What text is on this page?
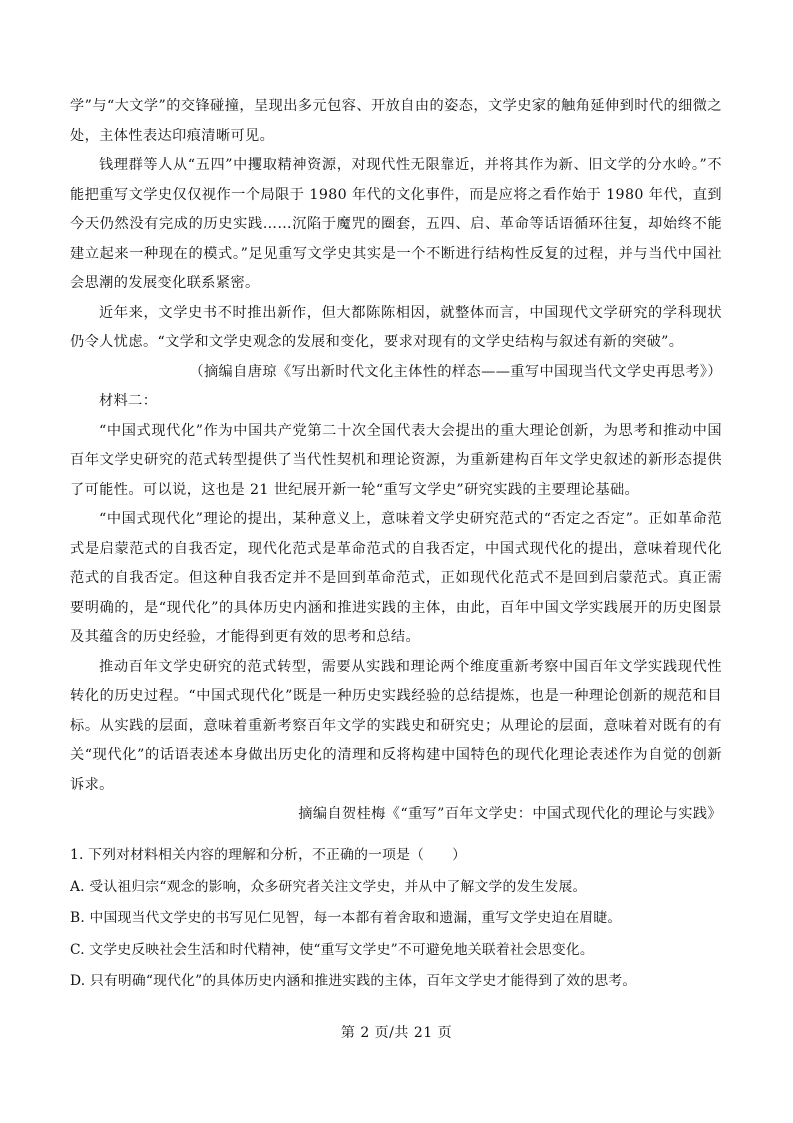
学”与“大文学”的交锋碰撞，呈现出多元包容、开放自由的姿态，文学史家的触角延伸到时代的细微之处，主体性表达印痕清晰可见。

钱理群等人从“五四”中攫取精神资源，对现代性无限靠近，并将其作为新、旧文学的分水岭。”不能把重写文学史仅仅视作一个局限于 1980 年代的文化事件，而是应将之看作始于 1980 年代，直到今天仍然没有完成的历史实践……沉陷于魔咒的圈套，五四、启、革命等话语循环往复，却始终不能建立起来一种现在的模式。”足见重写文学史其实是一个不断进行结构性反复的过程，并与当代中国社会思潮的发展变化联系紧密。

近年来，文学史书不时推出新作，但大都陈陈相因，就整体而言，中国现代文学研究的学科现状仍令人忧虑。“文学和文学史观念的发展和变化，要求对现有的文学史结构与叙述有新的突破”。

（摘编自唐琼《写出新时代文化主体性的样态——重写中国现当代文学史再思考》）

材料二：

“中国式现代化”作为中国共产党第二十次全国代表大会提出的重大理论创新，为思考和推动中国百年文学史研究的范式转型提供了当代性契机和理论资源，为重新建构百年文学史叙述的新形态提供了可能性。可以说，这也是 21 世纪展开新一轮“重写文学史”研究实践的主要理论基础。

“中国式现代化”理论的提出，某种意义上，意味着文学史研究范式的“否定之否定”。正如革命范式是启蒙范式的自我否定，现代化范式是革命范式的自我否定，中国式现代化的提出，意味着现代化范式的自我否定。但这种自我否定并不是回到革命范式，正如现代化范式不是回到启蒙范式。真正需要明确的，是“现代化”的具体历史内涵和推进实践的主体，由此，百年中国文学实践展开的历史图景及其蕴含的历史经验，才能得到更有效的思考和总结。

推动百年文学史研究的范式转型，需要从实践和理论两个维度重新考察中国百年文学实践现代性转化的历史过程。“中国式现代化”既是一种历史实践经验的总结提炼，也是一种理论创新的规范和目标。从实践的层面，意味着重新考察百年文学的实践史和研究史；从理论的层面，意味着对既有的有关“现代化”的话语表述本身做出历史化的清理和反将构建中国特色的现代化理论表述作为自觉的创新诉求。

摘编自贺桂梅《“重写”百年文学史：中国式现代化的理论与实践》

1. 下列对材料相关内容的理解和分析，不正确的一项是（　　）

A. 受认祖归宗“观念的影响，众多研究者关注文学史，并从中了解文学的发生发展。

B. 中国现当代文学史的书写见仁见智，每一本都有着舍取和遗漏，重写文学史迫在眉睫。

C. 文学史反映社会生活和时代精神，使“重写文学史”不可避免地关联着社会思变化。

D. 只有明确“现代化”的具体历史内涵和推进实践的主体，百年文学史才能得到了效的思考。

第 2 页/共 21 页
